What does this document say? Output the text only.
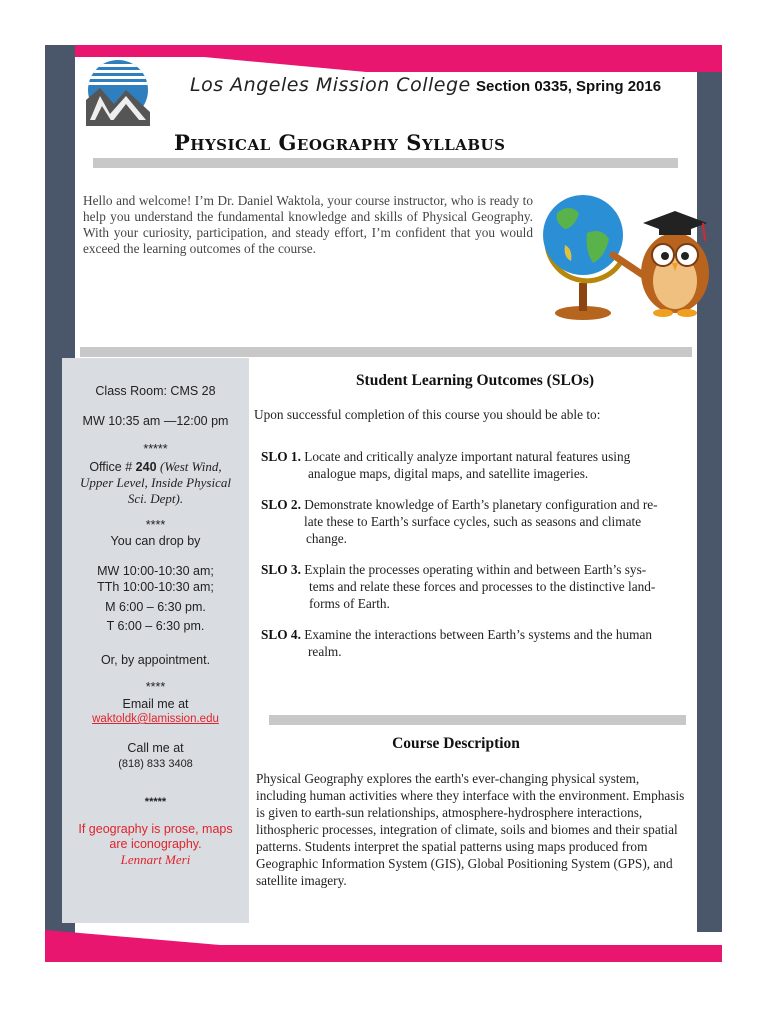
Los Angeles Mission College Section 0335, Spring 2016
Physical Geography Syllabus
Hello and welcome! I’m Dr. Daniel Waktola, your course instructor, who is ready to help you understand the fundamental knowledge and skills of Physical Geography. With your curiosity, participation, and steady effort, I’m confident that you would exceed the learning outcomes of the course.
Class Room: CMS 28
MW 10:35 am —12:00 pm
*****
Office # 240 (West Wind, Upper Level, Inside Physical Sci. Dept).
****
You can drop by
MW 10:00-10:30 am;
TTh 10:00-10:30 am;
M 6:00 – 6:30 pm.
T 6:00 – 6:30 pm.
Or, by appointment.
****
Email me at
waktoldk@lamission.edu
Call me at
(818) 833 3408
*****
If geography is prose, maps are iconography.
Lennart Meri
Student Learning Outcomes (SLOs)
Upon successful completion of this course you should be able to:
SLO 1. Locate and critically analyze important natural features using
analogue maps, digital maps, and satellite imageries.
SLO 2. Demonstrate knowledge of Earth’s planetary configuration and re-
late these to Earth’s surface cycles, such as seasons and climate
change.
SLO 3. Explain the processes operating within and between Earth’s sys-
tems and relate these forces and processes to the distinctive land-
forms of Earth.
SLO 4. Examine the interactions between Earth’s systems and the human
realm.
Course Description
Physical Geography explores the earth's ever-changing physical system, including human activities where they interface with the environment. Emphasis is given to earth-sun relationships, atmosphere-hydrosphere interactions, lithospheric processes, integration of climate, soils and biomes and their spatial patterns. Students interpret the spatial patterns using maps produced from Geographic Information System (GIS), Global Positioning System (GPS), and satellite imagery.
